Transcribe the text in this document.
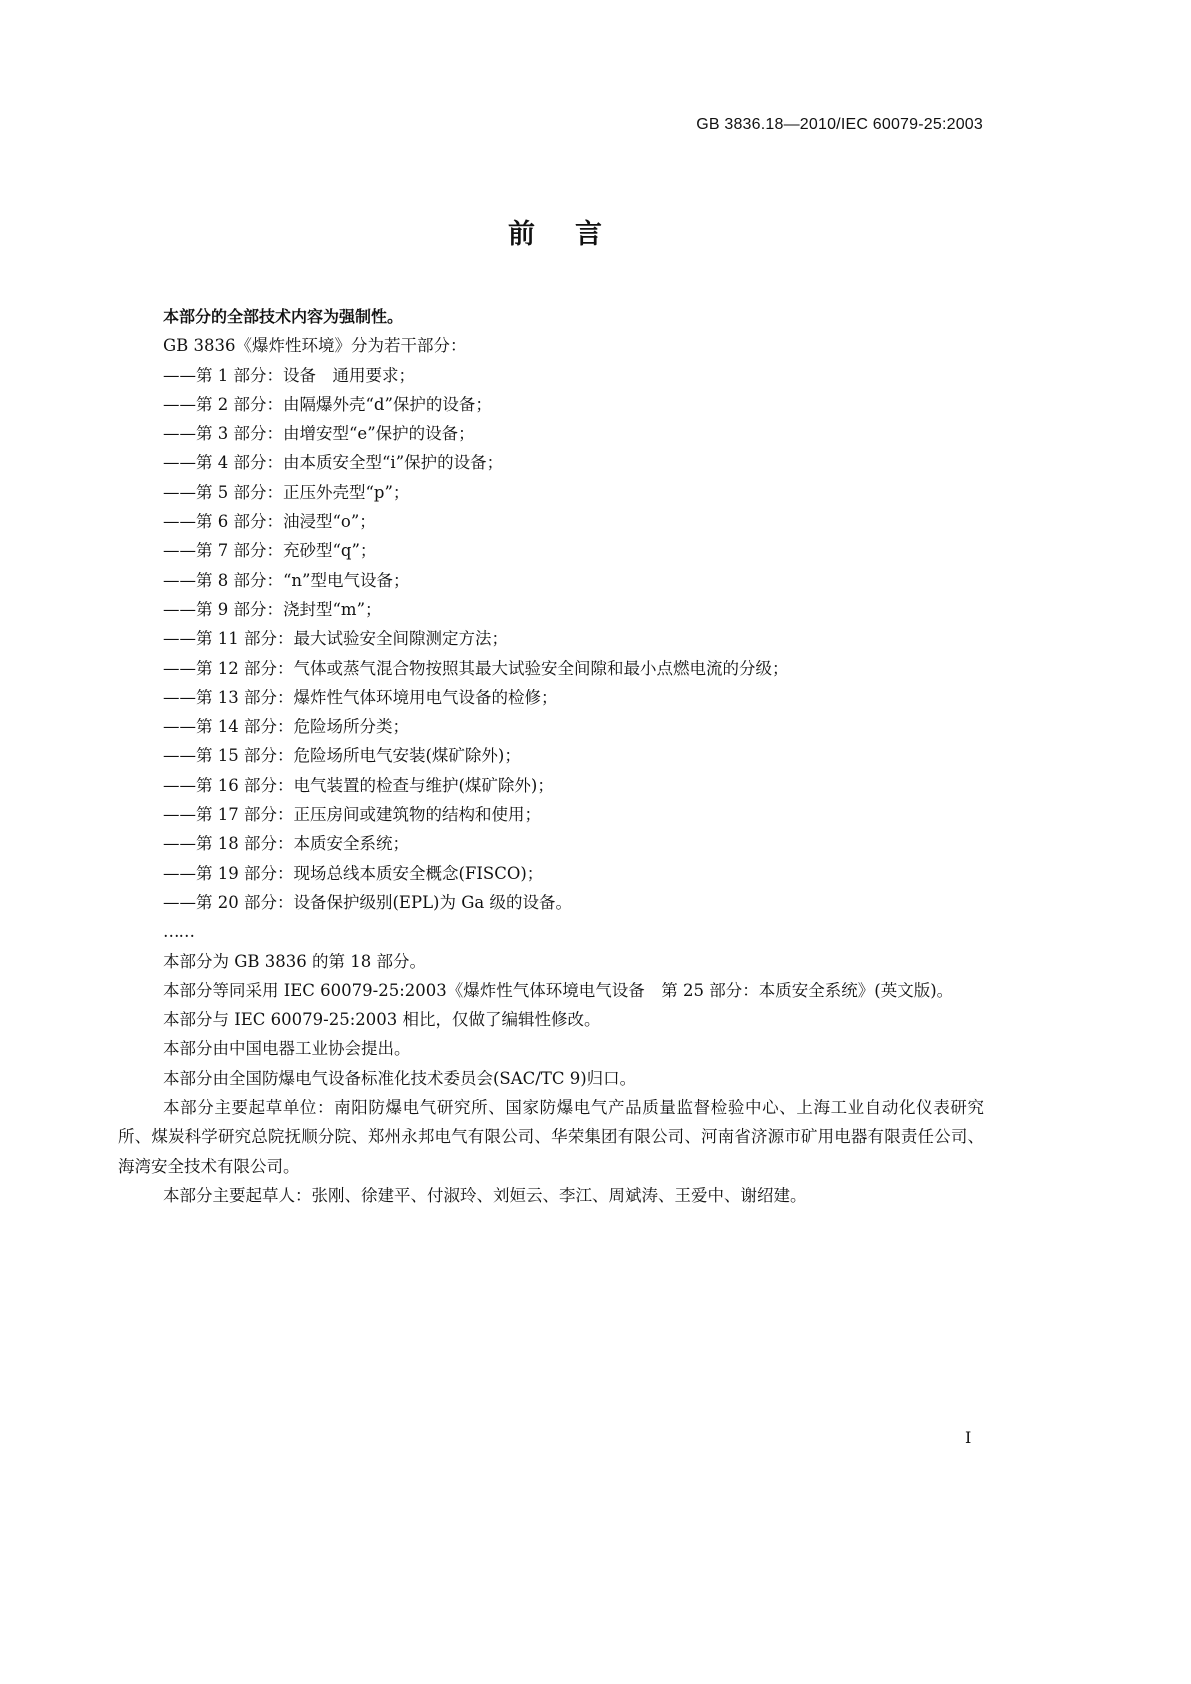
GB 3836.18—2010/IEC 60079-25:2003
前言

本部分的全部技术内容为强制性。

GB 3836《爆炸性环境》分为若干部分：

——第 1 部分：设备　通用要求；

——第 2 部分：由隔爆外壳“d”保护的设备；

——第 3 部分：由增安型“e”保护的设备；

——第 4 部分：由本质安全型“i”保护的设备；

——第 5 部分：正压外壳型“p”；

——第 6 部分：油浸型“o”；

——第 7 部分：充砂型“q”；

——第 8 部分：“n”型电气设备；

——第 9 部分：浇封型“m”；

——第 11 部分：最大试验安全间隙测定方法；

——第 12 部分：气体或蒸气混合物按照其最大试验安全间隙和最小点燃电流的分级；

——第 13 部分：爆炸性气体环境用电气设备的检修；

——第 14 部分：危险场所分类；

——第 15 部分：危险场所电气安装(煤矿除外)；

——第 16 部分：电气装置的检查与维护(煤矿除外)；

——第 17 部分：正压房间或建筑物的结构和使用；

——第 18 部分：本质安全系统；

——第 19 部分：现场总线本质安全概念(FISCO)；

——第 20 部分：设备保护级别(EPL)为 Ga 级的设备。

……

本部分为 GB 3836 的第 18 部分。

本部分等同采用 IEC 60079-25:2003《爆炸性气体环境电气设备　第 25 部分：本质安全系统》(英文版)。

本部分与 IEC 60079-25:2003 相比，仅做了编辑性修改。

本部分由中国电器工业协会提出。

本部分由全国防爆电气设备标准化技术委员会(SAC/TC 9)归口。

本部分主要起草单位：南阳防爆电气研究所、国家防爆电气产品质量监督检验中心、上海工业自动化仪表研究所、煤炭科学研究总院抚顺分院、郑州永邦电气有限公司、华荣集团有限公司、河南省济源市矿用电器有限责任公司、海湾安全技术有限公司。

本部分主要起草人：张刚、徐建平、付淑玲、刘姮云、李江、周斌涛、王爱中、谢绍建。

I
